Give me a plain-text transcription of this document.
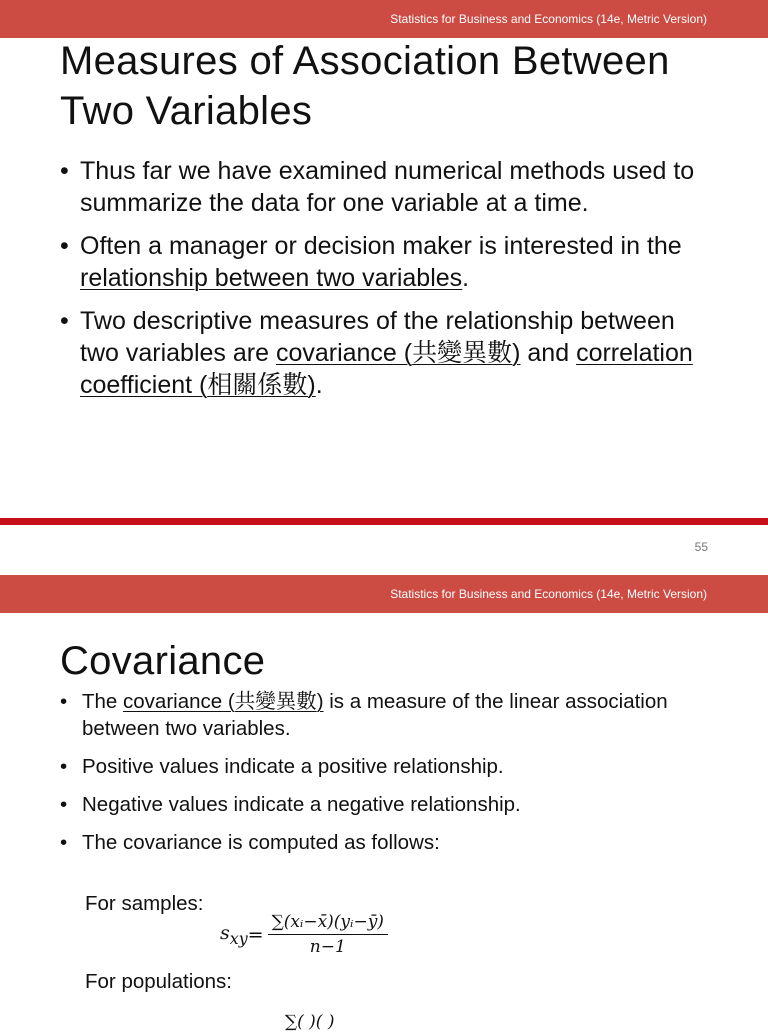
Statistics for Business and Economics (14e, Metric Version)
Measures of Association Between
Two Variables
• Thus far we have examined numerical methods used to summarize the data for one variable at a time.
• Often a manager or decision maker is interested in the relationship between two variables.
• Two descriptive measures of the relationship between two variables are covariance (共變異數) and correlation coefficient (相關係數).
55
Statistics for Business and Economics (14e, Metric Version)
Covariance
• The covariance (共變異數) is a measure of the linear association between two variables.
• Positive values indicate a positive relationship.
• Negative values indicate a negative relationship.
• The covariance is computed as follows:
For samples:
$s_{xy} = \frac{\text{∑(xᵢ−x̄)(yᵢ−ȳ)}}{n-1}$
For populations:
∑( )( )
